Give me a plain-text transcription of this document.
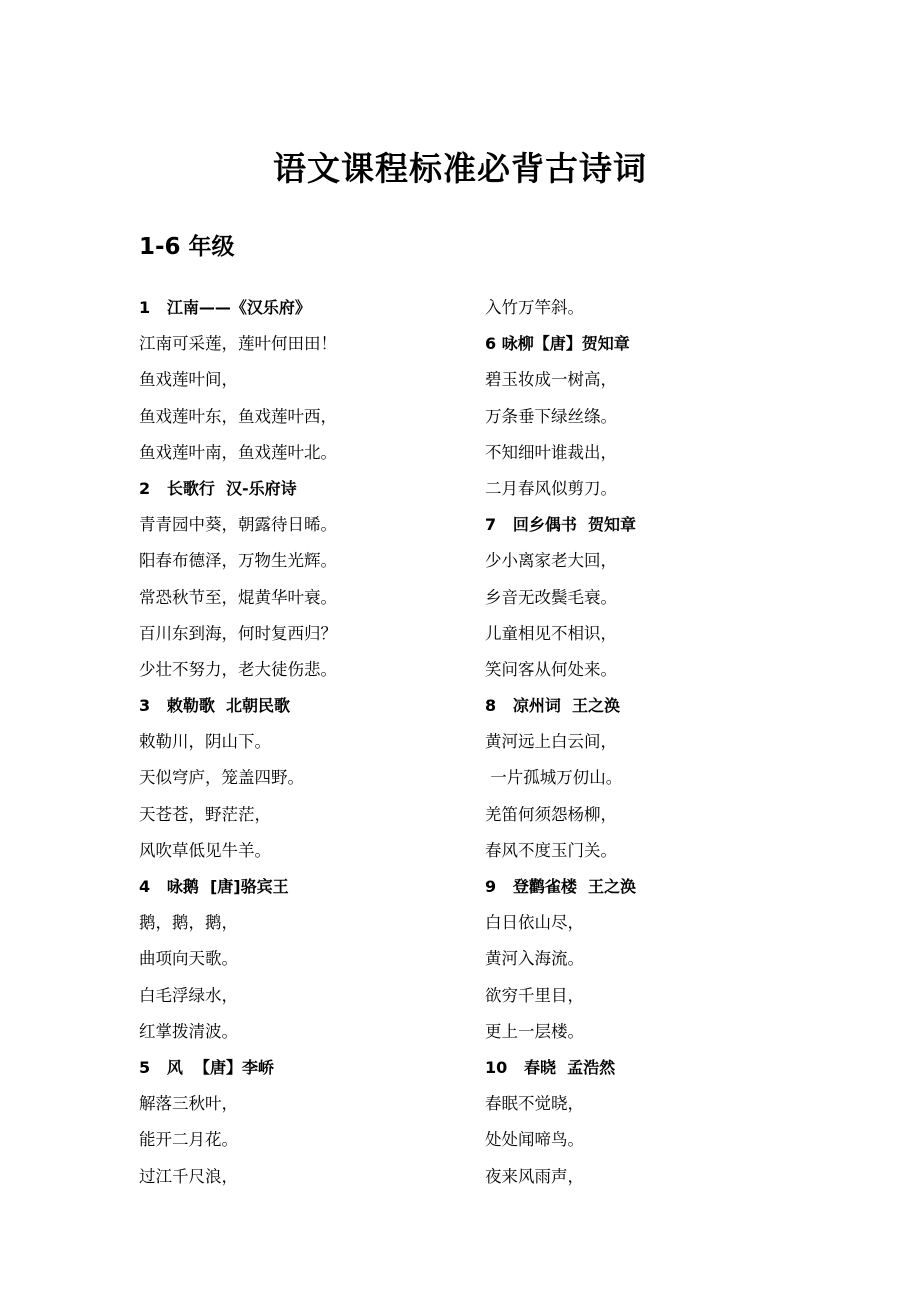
语文课程标准必背古诗词
1-6 年级
1   江南——《汉乐府》
江南可采莲，莲叶何田田！
鱼戏莲叶间，
鱼戏莲叶东，鱼戏莲叶西，
鱼戏莲叶南，鱼戏莲叶北。
2   长歌行  汉-乐府诗
青青园中葵，朝露待日晞。
阳春布德泽，万物生光辉。
常恐秋节至，焜黄华叶衰。
百川东到海，何时复西归？
少壮不努力，老大徒伤悲。
3   敕勒歌  北朝民歌
敕勒川，阴山下。
天似穹庐，笼盖四野。
天苍苍，野茫茫，
风吹草低见牛羊。
4   咏鹅  [唐]骆宾王
鹅，鹅，鹅，
曲项向天歌。
白毛浮绿水，
红掌拨清波。
5   风  【唐】李峤
解落三秋叶，
能开二月花。
过江千尺浪，
入竹万竿斜。
6 咏柳【唐】贺知章
碧玉妆成一树高，
万条垂下绿丝绦。
不知细叶谁裁出，
二月春风似剪刀。
7   回乡偶书  贺知章
少小离家老大回，
乡音无改鬓毛衰。
儿童相见不相识，
笑问客从何处来。
8   凉州词  王之涣
黄河远上白云间，
一片孤城万仞山。
羌笛何须怨杨柳，
春风不度玉门关。
9   登鹳雀楼  王之涣
白日依山尽，
黄河入海流。
欲穷千里目，
更上一层楼。
10   春晓  孟浩然
春眠不觉晓，
处处闻啼鸟。
夜来风雨声，
